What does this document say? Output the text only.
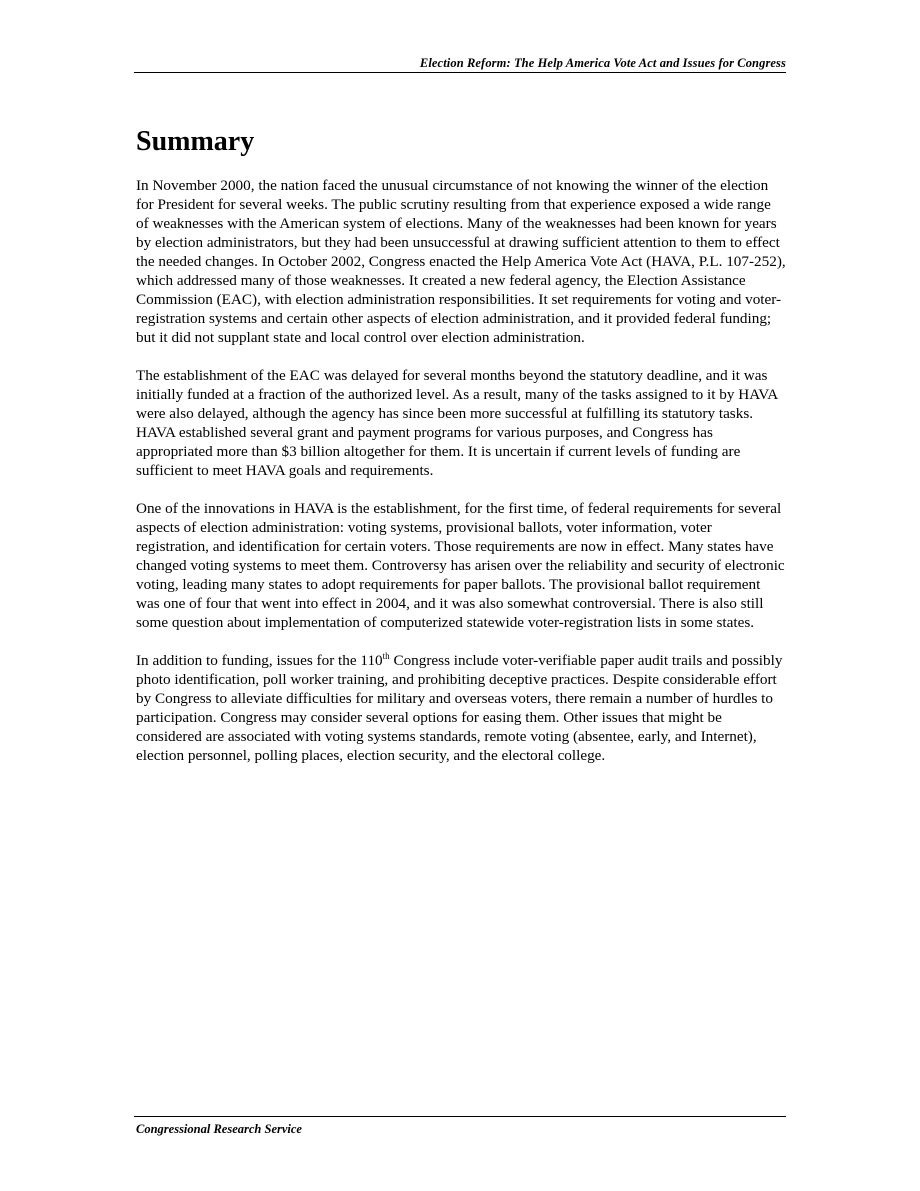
Election Reform: The Help America Vote Act and Issues for Congress
Summary

In November 2000, the nation faced the unusual circumstance of not knowing the winner of the election for President for several weeks. The public scrutiny resulting from that experience exposed a wide range of weaknesses with the American system of elections. Many of the weaknesses had been known for years by election administrators, but they had been unsuccessful at drawing sufficient attention to them to effect the needed changes. In October 2002, Congress enacted the Help America Vote Act (HAVA, P.L. 107-252), which addressed many of those weaknesses. It created a new federal agency, the Election Assistance Commission (EAC), with election administration responsibilities. It set requirements for voting and voter-registration systems and certain other aspects of election administration, and it provided federal funding; but it did not supplant state and local control over election administration.

The establishment of the EAC was delayed for several months beyond the statutory deadline, and it was initially funded at a fraction of the authorized level. As a result, many of the tasks assigned to it by HAVA were also delayed, although the agency has since been more successful at fulfilling its statutory tasks. HAVA established several grant and payment programs for various purposes, and Congress has appropriated more than $3 billion altogether for them. It is uncertain if current levels of funding are sufficient to meet HAVA goals and requirements.

One of the innovations in HAVA is the establishment, for the first time, of federal requirements for several aspects of election administration: voting systems, provisional ballots, voter information, voter registration, and identification for certain voters. Those requirements are now in effect. Many states have changed voting systems to meet them. Controversy has arisen over the reliability and security of electronic voting, leading many states to adopt requirements for paper ballots. The provisional ballot requirement was one of four that went into effect in 2004, and it was also somewhat controversial. There is also still some question about implementation of computerized statewide voter-registration lists in some states.

In addition to funding, issues for the 110th Congress include voter-verifiable paper audit trails and possibly photo identification, poll worker training, and prohibiting deceptive practices. Despite considerable effort by Congress to alleviate difficulties for military and overseas voters, there remain a number of hurdles to participation. Congress may consider several options for easing them. Other issues that might be considered are associated with voting systems standards, remote voting (absentee, early, and Internet), election personnel, polling places, election security, and the electoral college.

Congressional Research Service
